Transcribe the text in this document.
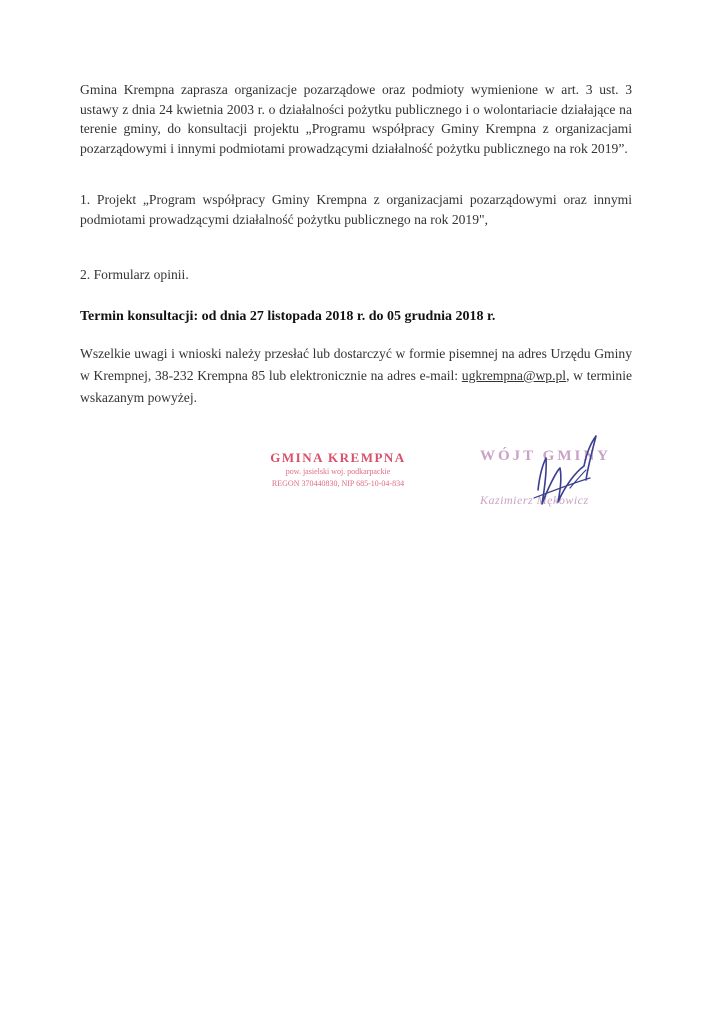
Gmina Krempna zaprasza organizacje pozarządowe oraz podmioty wymienione w art. 3 ust. 3 ustawy z dnia 24 kwietnia 2003 r. o działalności pożytku publicznego i o wolontariacie działające na terenie gminy, do konsultacji projektu „Programu współpracy Gminy Krempna z organizacjami pozarządowymi i innymi podmiotami prowadzącymi działalność pożytku publicznego na rok 2019”.

1. Projekt „Program współpracy Gminy Krempna z organizacjami pozarządowymi oraz innymi podmiotami prowadzącymi działalność pożytku publicznego na rok 2019",

2. Formularz opinii.

Termin konsultacji: od dnia 27 listopada 2018 r. do 05 grudnia 2018 r.

Wszelkie uwagi i wnioski należy przesłać lub dostarczyć w formie pisemnej na adres Urzędu Gminy w Krempnej, 38-232 Krempna 85 lub elektronicznie na adres e-mail: ugkrempna@wp.pl, w terminie wskazanym powyżej.

GMINA KREMPNA
pow. jasielski woj. podkarpackie
REGON 370440830, NIP 685-10-04-834
WÓJT GMINY
Kazimierz Mękowicz
